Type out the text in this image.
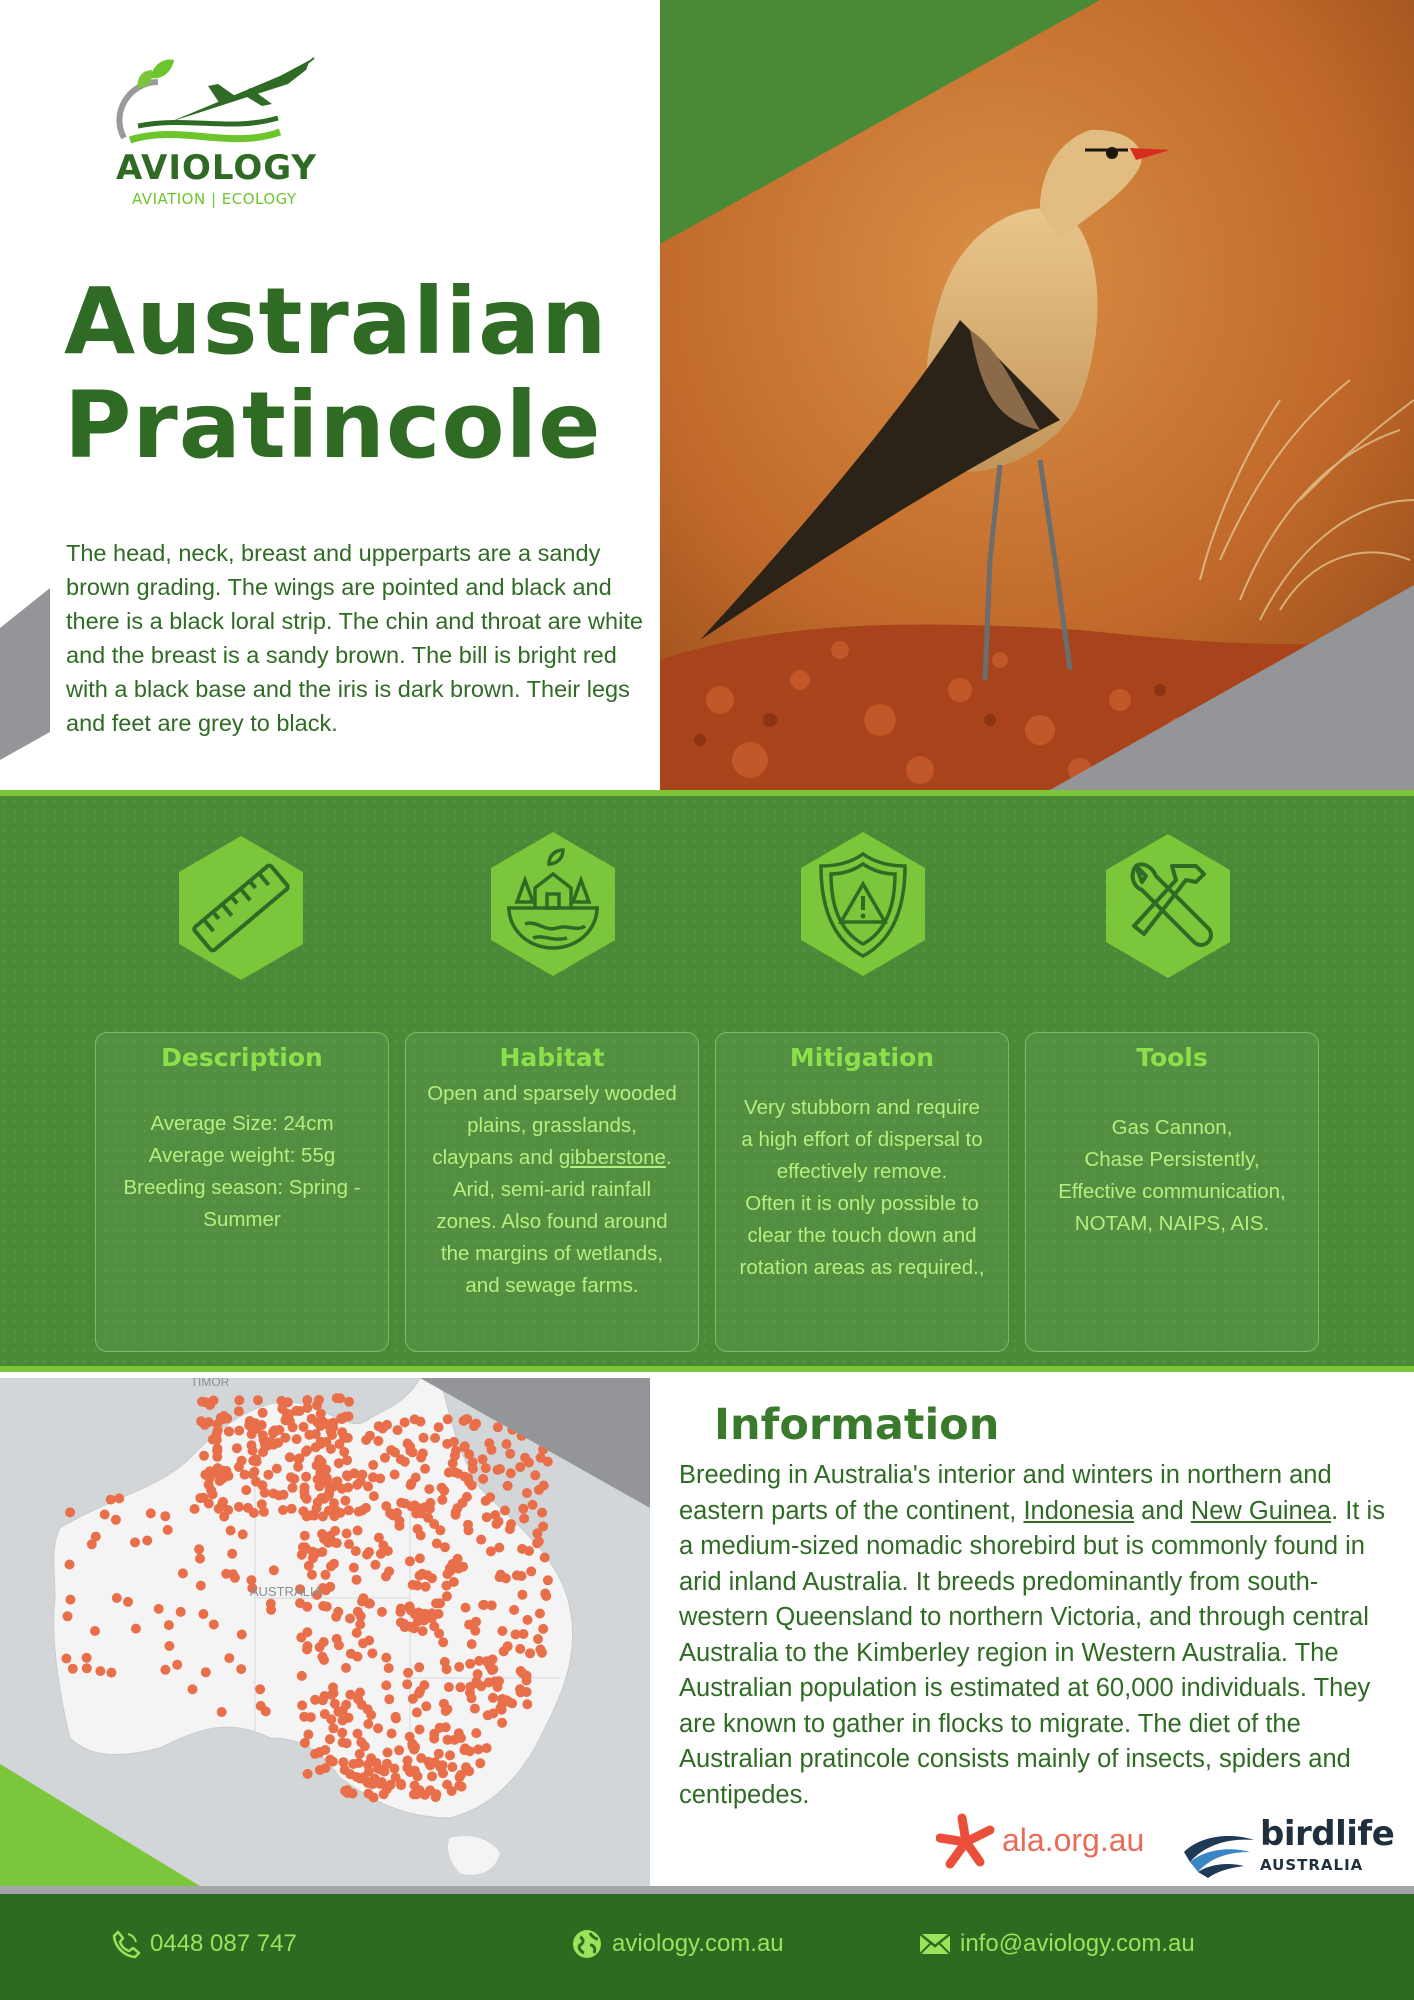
AVIOLOGY
AVIATION | ECOLOGY
Australian
Pratincole
The head, neck, breast and upperparts are a sandy brown grading. The wings are pointed and black and there is a black loral strip. The chin and throat are white and the breast is a sandy brown. The bill is bright red with a black base and the iris is dark brown. Their legs and feet are grey to black.
Description
Average Size: 24cm
Average weight: 55g
Breeding season: Spring -
Summer
Habitat
Open and sparsely wooded plains, grasslands, claypans and gibberstone. Arid, semi-arid rainfall zones. Also found around the margins of wetlands, and sewage farms.
Mitigation
Very stubborn and require
a high effort of dispersal to
effectively remove.
Often it is only possible to
clear the touch down and
rotation areas as required.,
Tools
Gas Cannon,
Chase Persistently,
Effective communication,
NOTAM, NAIPS, AIS.
AUSTRALIA
TIMOR
Information
Breeding in Australia's interior and winters in northern and eastern parts of the continent, Indonesia and New Guinea. It is a medium-sized nomadic shorebird but is commonly found in arid inland Australia. It breeds predominantly from south-western Queensland to northern Victoria, and through central Australia to the Kimberley region in Western Australia. The Australian population is estimated at 60,000 individuals. They are known to gather in flocks to migrate. The diet of the Australian pratincole consists mainly of insects, spiders and centipedes.
ala.org.au	birdlife
AUSTRALIA
0448 087 747	aviology.com.au	info@aviology.com.au
